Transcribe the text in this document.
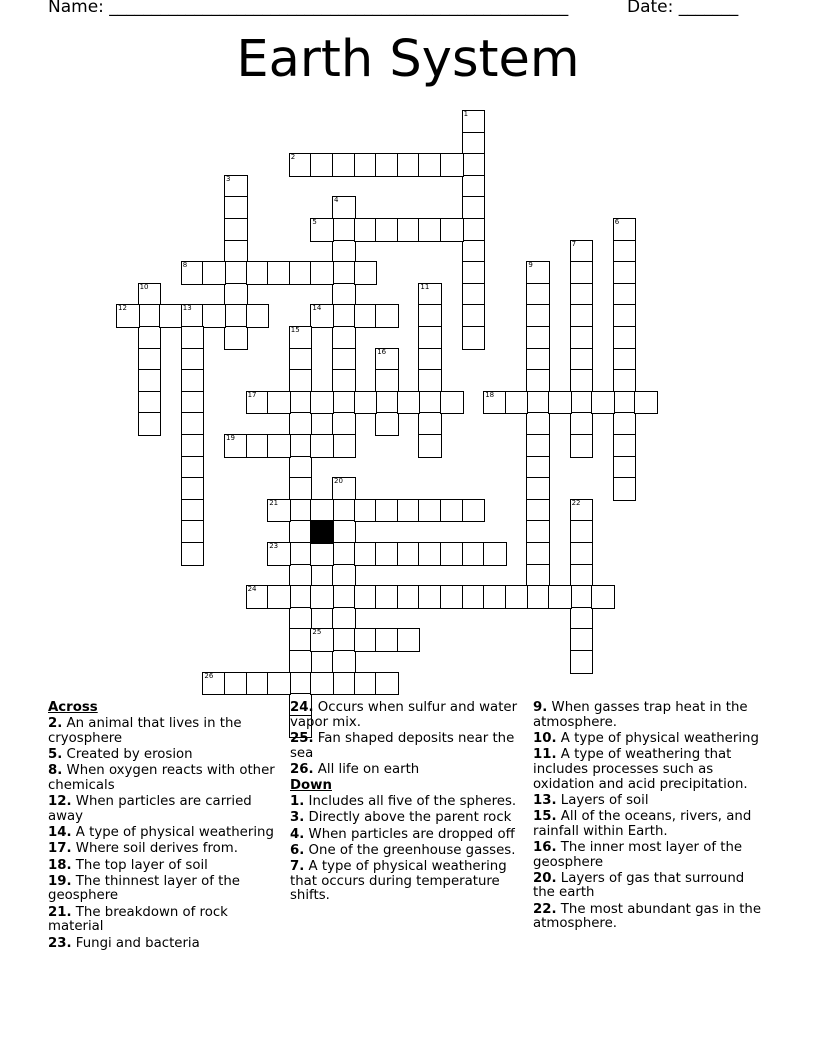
Name: ______________________________________________________	Date: _______
Earth System
1
2
3
4
5	6
7
8	9
10	11
12	13	14
15
16
17	18
19
20
21	22
23
24
25
26
Across
2. An animal that lives in the cryosphere
5. Created by erosion
8. When oxygen reacts with other chemicals
12. When particles are carried away
14. A type of physical weathering
17. Where soil derives from.
18. The top layer of soil
19. The thinnest layer of the geosphere
21. The breakdown of rock material
23. Fungi and bacteria
24. Occurs when sulfur and water vapor mix.
25. Fan shaped deposits near the sea
26. All life on earth
Down
1. Includes all five of the spheres.
3. Directly above the parent rock
4. When particles are dropped off
6. One of the greenhouse gasses.
7. A type of physical weathering that occurs during temperature shifts.
9. When gasses trap heat in the atmosphere.
10. A type of physical weathering
11. A type of weathering that includes processes such as oxidation and acid precipitation.
13. Layers of soil
15. All of the oceans, rivers, and rainfall within Earth.
16. The inner most layer of the geosphere
20. Layers of gas that surround the earth
22. The most abundant gas in the atmosphere.
